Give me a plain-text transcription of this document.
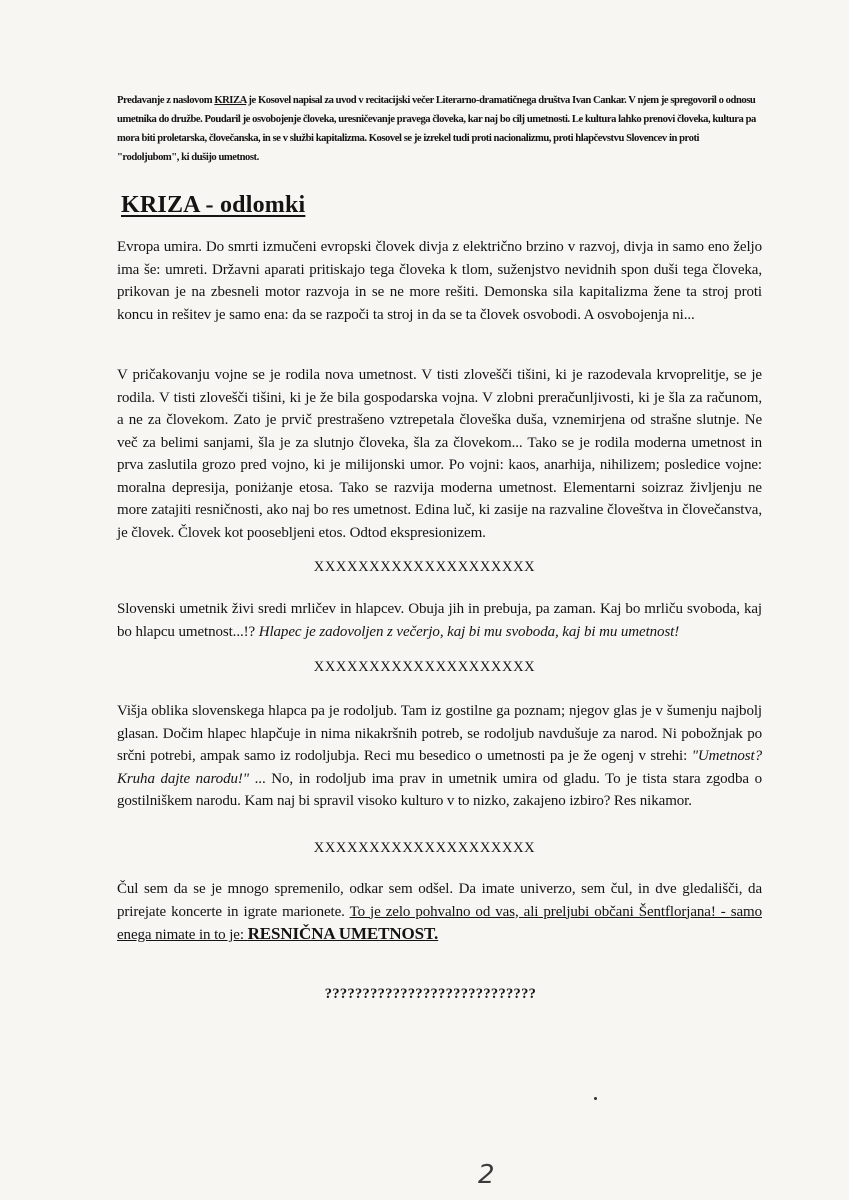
Predavanje z naslovom KRIZA je Kosovel napisal za uvod v recitacijski večer Literarno-dramatičnega društva Ivan Cankar. V njem je spregovoril o odnosu umetnika do družbe. Poudaril je osvobojenje človeka, uresničevanje pravega človeka, kar naj bo cilj umetnosti. Le kultura lahko prenovi človeka, kultura pa mora biti proletarska, človečanska, in se v službi kapitalizma. Kosovel se je izrekel tudi proti nacionalizmu, proti hlapčevstvu Slovencev in proti "rodoljubom", ki dušijo umetnost.
KRIZA - odlomki

Evropa umira. Do smrti izmučeni evropski človek divja z električno brzino v razvoj, divja in samo eno željo ima še: umreti. Državni aparati pritiskajo tega človeka k tlom, suženjstvo nevidnih spon duši tega človeka, prikovan je na zbesneli motor razvoja in se ne more rešiti. Demonska sila kapitalizma žene ta stroj proti koncu in rešitev je samo ena: da se razpoči ta stroj in da se ta človek osvobodi. A osvobojenja ni...

V pričakovanju vojne se je rodila nova umetnost. V tisti zlovešči tišini, ki je razodevala krvoprelitje, se je rodila. V tisti zlovešči tišini, ki je že bila gospodarska vojna. V zlobni preračunljivosti, ki je šla za računom, a ne za človekom. Zato je prvič prestrašeno vztrepetala človeška duša, vznemirjena od strašne slutnje. Ne več za belimi sanjami, šla je za slutnjo človeka, šla za človekom... Tako se je rodila moderna umetnost in prva zaslutila grozo pred vojno, ki je milijonski umor. Po vojni: kaos, anarhija, nihilizem; posledice vojne: moralna depresija, poniżanje etosa. Tako se razvija moderna umetnost. Elementarni soizraz življenju ne more zatajiti resničnosti, ako naj bo res umetnost. Edina luč, ki zasije na razvaline človeštva in človečanstva, je človek. Človek kot poosebljeni etos. Odtod ekspresionizem.

XXXXXXXXXXXXXXXXXXXX

Slovenski umetnik živi sredi mrličev in hlapcev. Obuja jih in prebuja, pa zaman. Kaj bo mrliču svoboda, kaj bo hlapcu umetnost...!? Hlapec je zadovoljen z večerjo, kaj bi mu svoboda, kaj bi mu umetnost!

XXXXXXXXXXXXXXXXXXXX

Višja oblika slovenskega hlapca pa je rodoljub. Tam iz gostilne ga poznam; njegov glas je v šumenju najbolj glasan. Dočim hlapec hlapčuje in nima nikakršnih potreb, se rodoljub navdušuje za narod. Ni pobožnjak po srčni potrebi, ampak samo iz rodoljubja. Reci mu besedico o umetnosti pa je že ogenj v strehi: "Umetnost? Kruha dajte narodu!" ... No, in rodoljub ima prav in umetnik umira od gladu. To je tista stara zgodba o gostilniškem narodu. Kam naj bi spravil visoko kulturo v to nizko, zakajeno izbiro? Res nikamor.

XXXXXXXXXXXXXXXXXXXX

Čul sem da se je mnogo spremenilo, odkar sem odšel. Da imate univerzo, sem čul, in dve gledališči, da prirejate koncerte in igrate marionete. To je zelo pohvalno od vas, ali preljubi občani Šentflorjana! - samo enega nimate in to je: RESNIČNA UMETNOST.

????????????????????????????
2
